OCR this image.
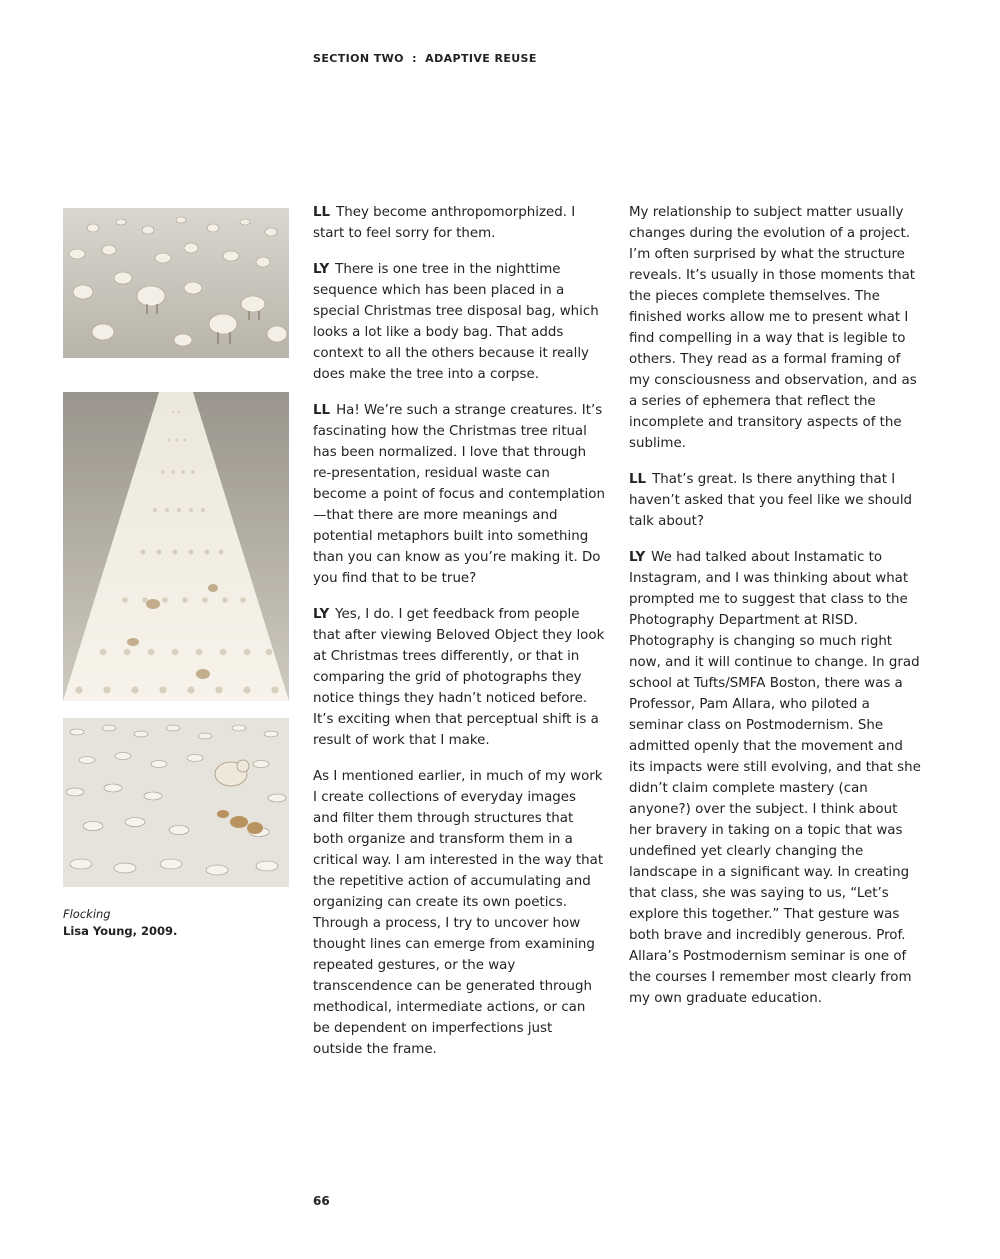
SECTION TWO : ADAPTIVE REUSE
Flocking
Lisa Young, 2009.

LL They become anthropomorphized. I start to feel sorry for them.

LY There is one tree in the nighttime sequence which has been placed in a special Christmas tree disposal bag, which looks a lot like a body bag. That adds context to all the others because it really does make the tree into a corpse.

LL Ha! We’re such a strange creatures. It’s fascinating how the Christmas tree ritual has been normalized. I love that through re-presentation, residual waste can become a point of focus and contemplation—that there are more meanings and potential metaphors built into something than you can know as you’re making it. Do you find that to be true?

LY Yes, I do. I get feedback from people that after viewing Beloved Object they look at Christmas trees differently, or that in comparing the grid of photographs they notice things they hadn’t noticed before. It’s exciting when that perceptual shift is a result of work that I make.

As I mentioned earlier, in much of my work I create collections of everyday images and filter them through structures that both organize and transform them in a critical way. I am interested in the way that the repetitive action of accumulating and organizing can create its own poetics. Through a process, I try to uncover how thought lines can emerge from examining repeated gestures, or the way transcendence can be generated through methodical, intermediate actions, or can be dependent on imperfections just outside the frame.

My relationship to subject matter usually changes during the evolution of a project. I’m often surprised by what the structure reveals. It’s usually in those moments that the pieces complete themselves. The finished works allow me to present what I find compelling in a way that is legible to others. They read as a formal framing of my consciousness and observation, and as a series of ephemera that reflect the incomplete and transitory aspects of the sublime.

LL That’s great. Is there anything that I haven’t asked that you feel like we should talk about?

LY We had talked about Instamatic to Instagram, and I was thinking about what prompted me to suggest that class to the Photography Department at RISD. Photography is changing so much right now, and it will continue to change. In grad school at Tufts/SMFA Boston, there was a Professor, Pam Allara, who piloted a seminar class on Postmodernism. She admitted openly that the movement and its impacts were still evolving, and that she didn’t claim complete mastery (can anyone?) over the subject. I think about her bravery in taking on a topic that was undefined yet clearly changing the landscape in a significant way. In creating that class, she was saying to us, “Let’s explore this together.” That gesture was both brave and incredibly generous. Prof. Allara’s Postmodernism seminar is one of the courses I remember most clearly from my own graduate education.

66
